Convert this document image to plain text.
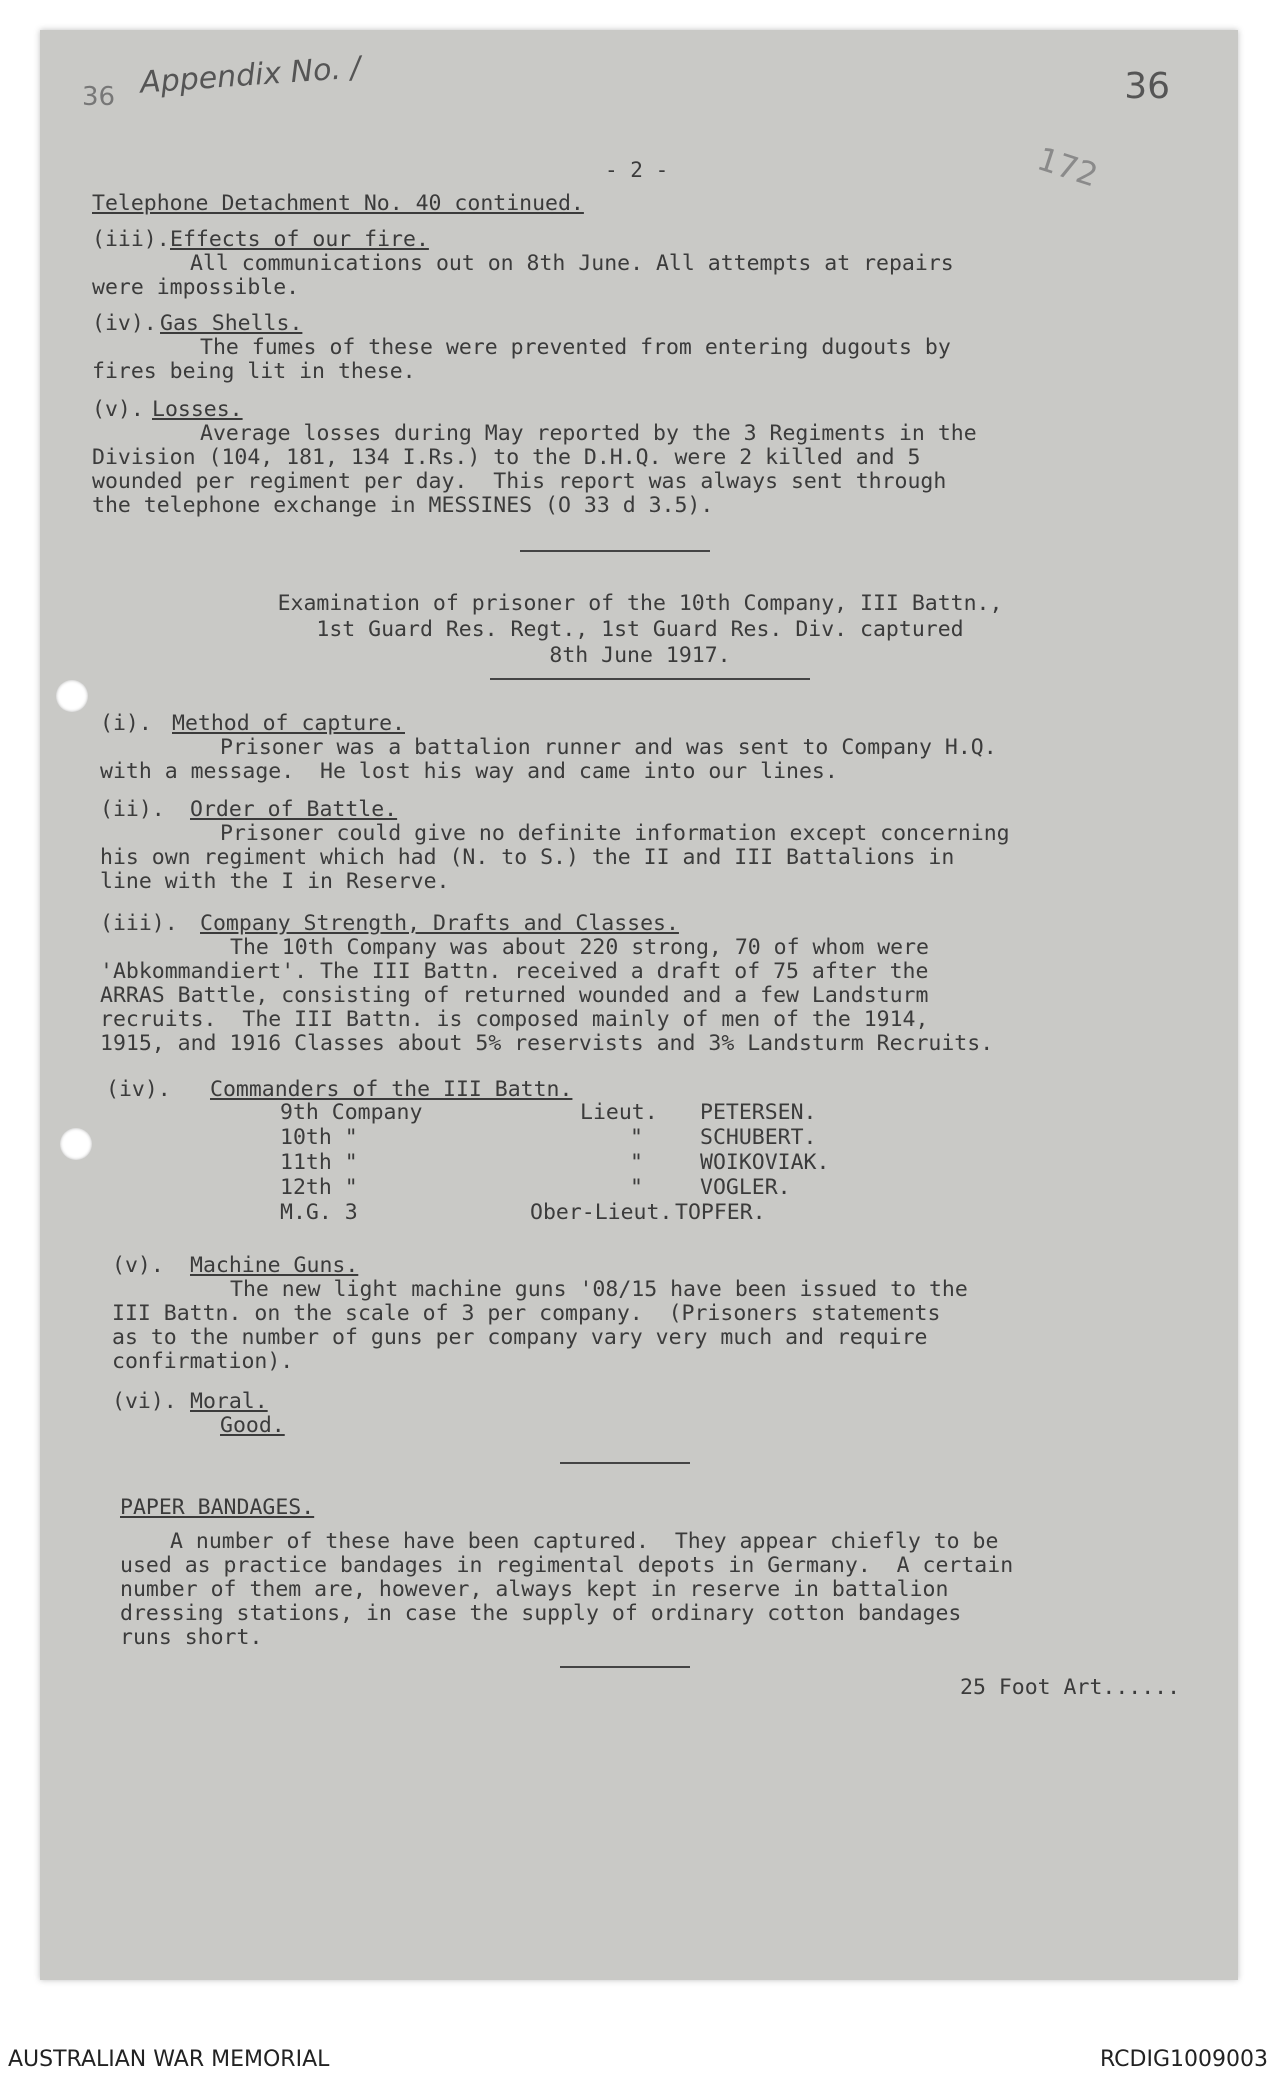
36 Appendix No. /	36
172
- 2 -
Telephone Detachment No. 40 continued.
(iii). Effects of our fire.
All communications out on 8th June. All attempts at repairs
were impossible.
(iv). Gas Shells.
The fumes of these were prevented from entering dugouts by
fires being lit in these.
(v). Losses.
Average losses during May reported by the 3 Regiments in the
Division (104, 181, 134 I.Rs.) to the D.H.Q. were 2 killed and 5
wounded per regiment per day.  This report was always sent through
the telephone exchange in MESSINES (O 33 d 3.5).
Examination of prisoner of the 10th Company, III Battn.,
1st Guard Res. Regt., 1st Guard Res. Div. captured
8th June 1917.
(i). Method of capture.
Prisoner was a battalion runner and was sent to Company H.Q.
with a message.  He lost his way and came into our lines.
(ii). Order of Battle.
Prisoner could give no definite information except concerning
his own regiment which had (N. to S.) the II and III Battalions in
line with the I in Reserve.
(iii). Company Strength, Drafts and Classes.
The 10th Company was about 220 strong, 70 of whom were
'Abkommandiert'. The III Battn. received a draft of 75 after the
ARRAS Battle, consisting of returned wounded and a few Landsturm
recruits.  The III Battn. is composed mainly of men of the 1914,
1915, and 1916 Classes about 5% reservists and 3% Landsturm Recruits.
(iv). Commanders of the III Battn.
9th Company	Lieut. PETERSEN.
10th "	"	SCHUBERT.
11th "	"	WOIKOVIAK.
12th "	"	VOGLER.
M.G. 3	Ober-Lieut. TOPFER.
(v). Machine Guns.
The new light machine guns '08/15 have been issued to the
III Battn. on the scale of 3 per company.  (Prisoners statements
as to the number of guns per company vary very much and require
confirmation).
(vi). Moral.
Good.
PAPER BANDAGES.
A number of these have been captured.  They appear chiefly to be
used as practice bandages in regimental depots in Germany.  A certain
number of them are, however, always kept in reserve in battalion
dressing stations, in case the supply of ordinary cotton bandages
runs short.
25 Foot Art......
AUSTRALIAN WAR MEMORIAL	RCDIG1009003
